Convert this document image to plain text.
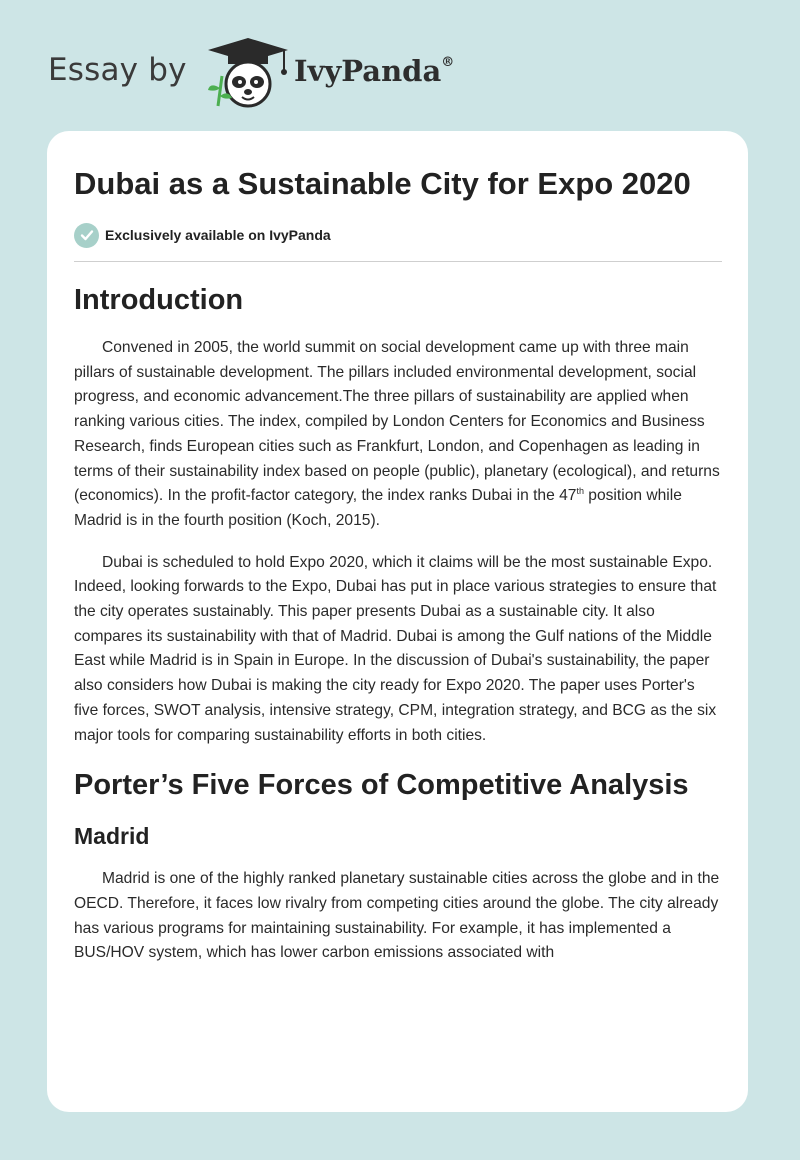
Essay by	IvyPanda®
Dubai as a Sustainable City for Expo 2020
Exclusively available on IvyPanda
Introduction

Convened in 2005, the world summit on social development came up with three main pillars of sustainable development. The pillars included environmental development, social progress, and economic advancement.The three pillars of sustainability are applied when ranking various cities. The index, compiled by London Centers for Economics and Business Research, finds European cities such as Frankfurt, London, and Copenhagen as leading in terms of their sustainability index based on people (public), planetary (ecological), and returns (economics). In the profit-factor category, the index ranks Dubai in the 47th position while Madrid is in the fourth position (Koch, 2015).

Dubai is scheduled to hold Expo 2020, which it claims will be the most sustainable Expo. Indeed, looking forwards to the Expo, Dubai has put in place various strategies to ensure that the city operates sustainably. This paper presents Dubai as a sustainable city. It also compares its sustainability with that of Madrid. Dubai is among the Gulf nations of the Middle East while Madrid is in Spain in Europe. In the discussion of Dubai's sustainability, the paper also considers how Dubai is making the city ready for Expo 2020. The paper uses Porter's five forces, SWOT analysis, intensive strategy, CPM, integration strategy, and BCG as the six major tools for comparing sustainability efforts in both cities.

Porter’s Five Forces of Competitive Analysis
Madrid

Madrid is one of the highly ranked planetary sustainable cities across the globe and in the OECD. Therefore, it faces low rivalry from competing cities around the globe. The city already has various programs for maintaining sustainability. For example, it has implemented a BUS/HOV system, which has lower carbon emissions associated with
